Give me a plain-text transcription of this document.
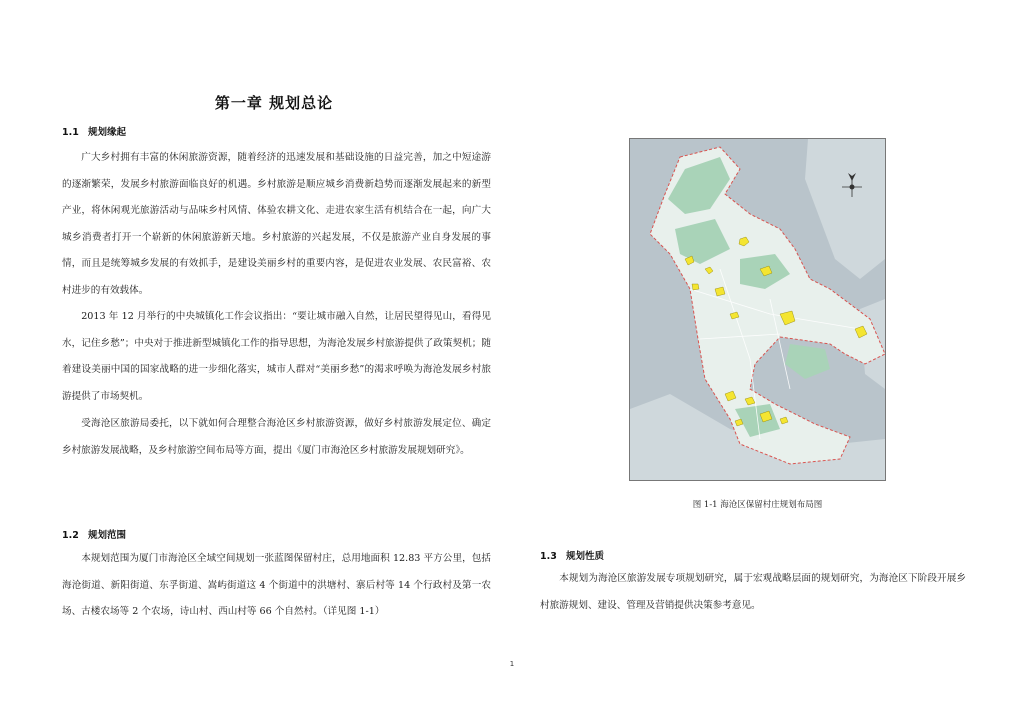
第一章 规划总论
1.1 规划缘起

广大乡村拥有丰富的休闲旅游资源，随着经济的迅速发展和基础设施的日益完善，加之中短途游的逐渐繁荣，发展乡村旅游面临良好的机遇。乡村旅游是顺应城乡消费新趋势而逐渐发展起来的新型产业，将休闲观光旅游活动与品味乡村风情、体验农耕文化、走进农家生活有机结合在一起，向广大城乡消费者打开一个崭新的休闲旅游新天地。乡村旅游的兴起发展，不仅是旅游产业自身发展的事情，而且是统筹城乡发展的有效抓手，是建设美丽乡村的重要内容，是促进农业发展、农民富裕、农村进步的有效载体。

2013 年 12 月举行的中央城镇化工作会议指出：“要让城市融入自然，让居民望得见山，看得见水，记住乡愁”；中央对于推进新型城镇化工作的指导思想，为海沧发展乡村旅游提供了政策契机；随着建设美丽中国的国家战略的进一步细化落实，城市人群对“美丽乡愁”的渴求呼唤为海沧发展乡村旅游提供了市场契机。

受海沧区旅游局委托，以下就如何合理整合海沧区乡村旅游资源，做好乡村旅游发展定位、确定乡村旅游发展战略，及乡村旅游空间布局等方面，提出《厦门市海沧区乡村旅游发展规划研究》。

1.2 规划范围

本规划范围为厦门市海沧区全域空间规划一张蓝图保留村庄，总用地面积 12.83 平方公里，包括海沧街道、新阳街道、东孚街道、嵩屿街道这 4 个街道中的洪塘村、寨后村等 14 个行政村及第一农场、古楼农场等 2 个农场，诗山村、西山村等 66 个自然村。（详见图 1-1）

图 1-1 海沧区保留村庄规划布局图
1.3 规划性质

本规划为海沧区旅游发展专项规划研究，属于宏观战略层面的规划研究，为海沧区下阶段开展乡村旅游规划、建设、管理及营销提供决策参考意见。

1
